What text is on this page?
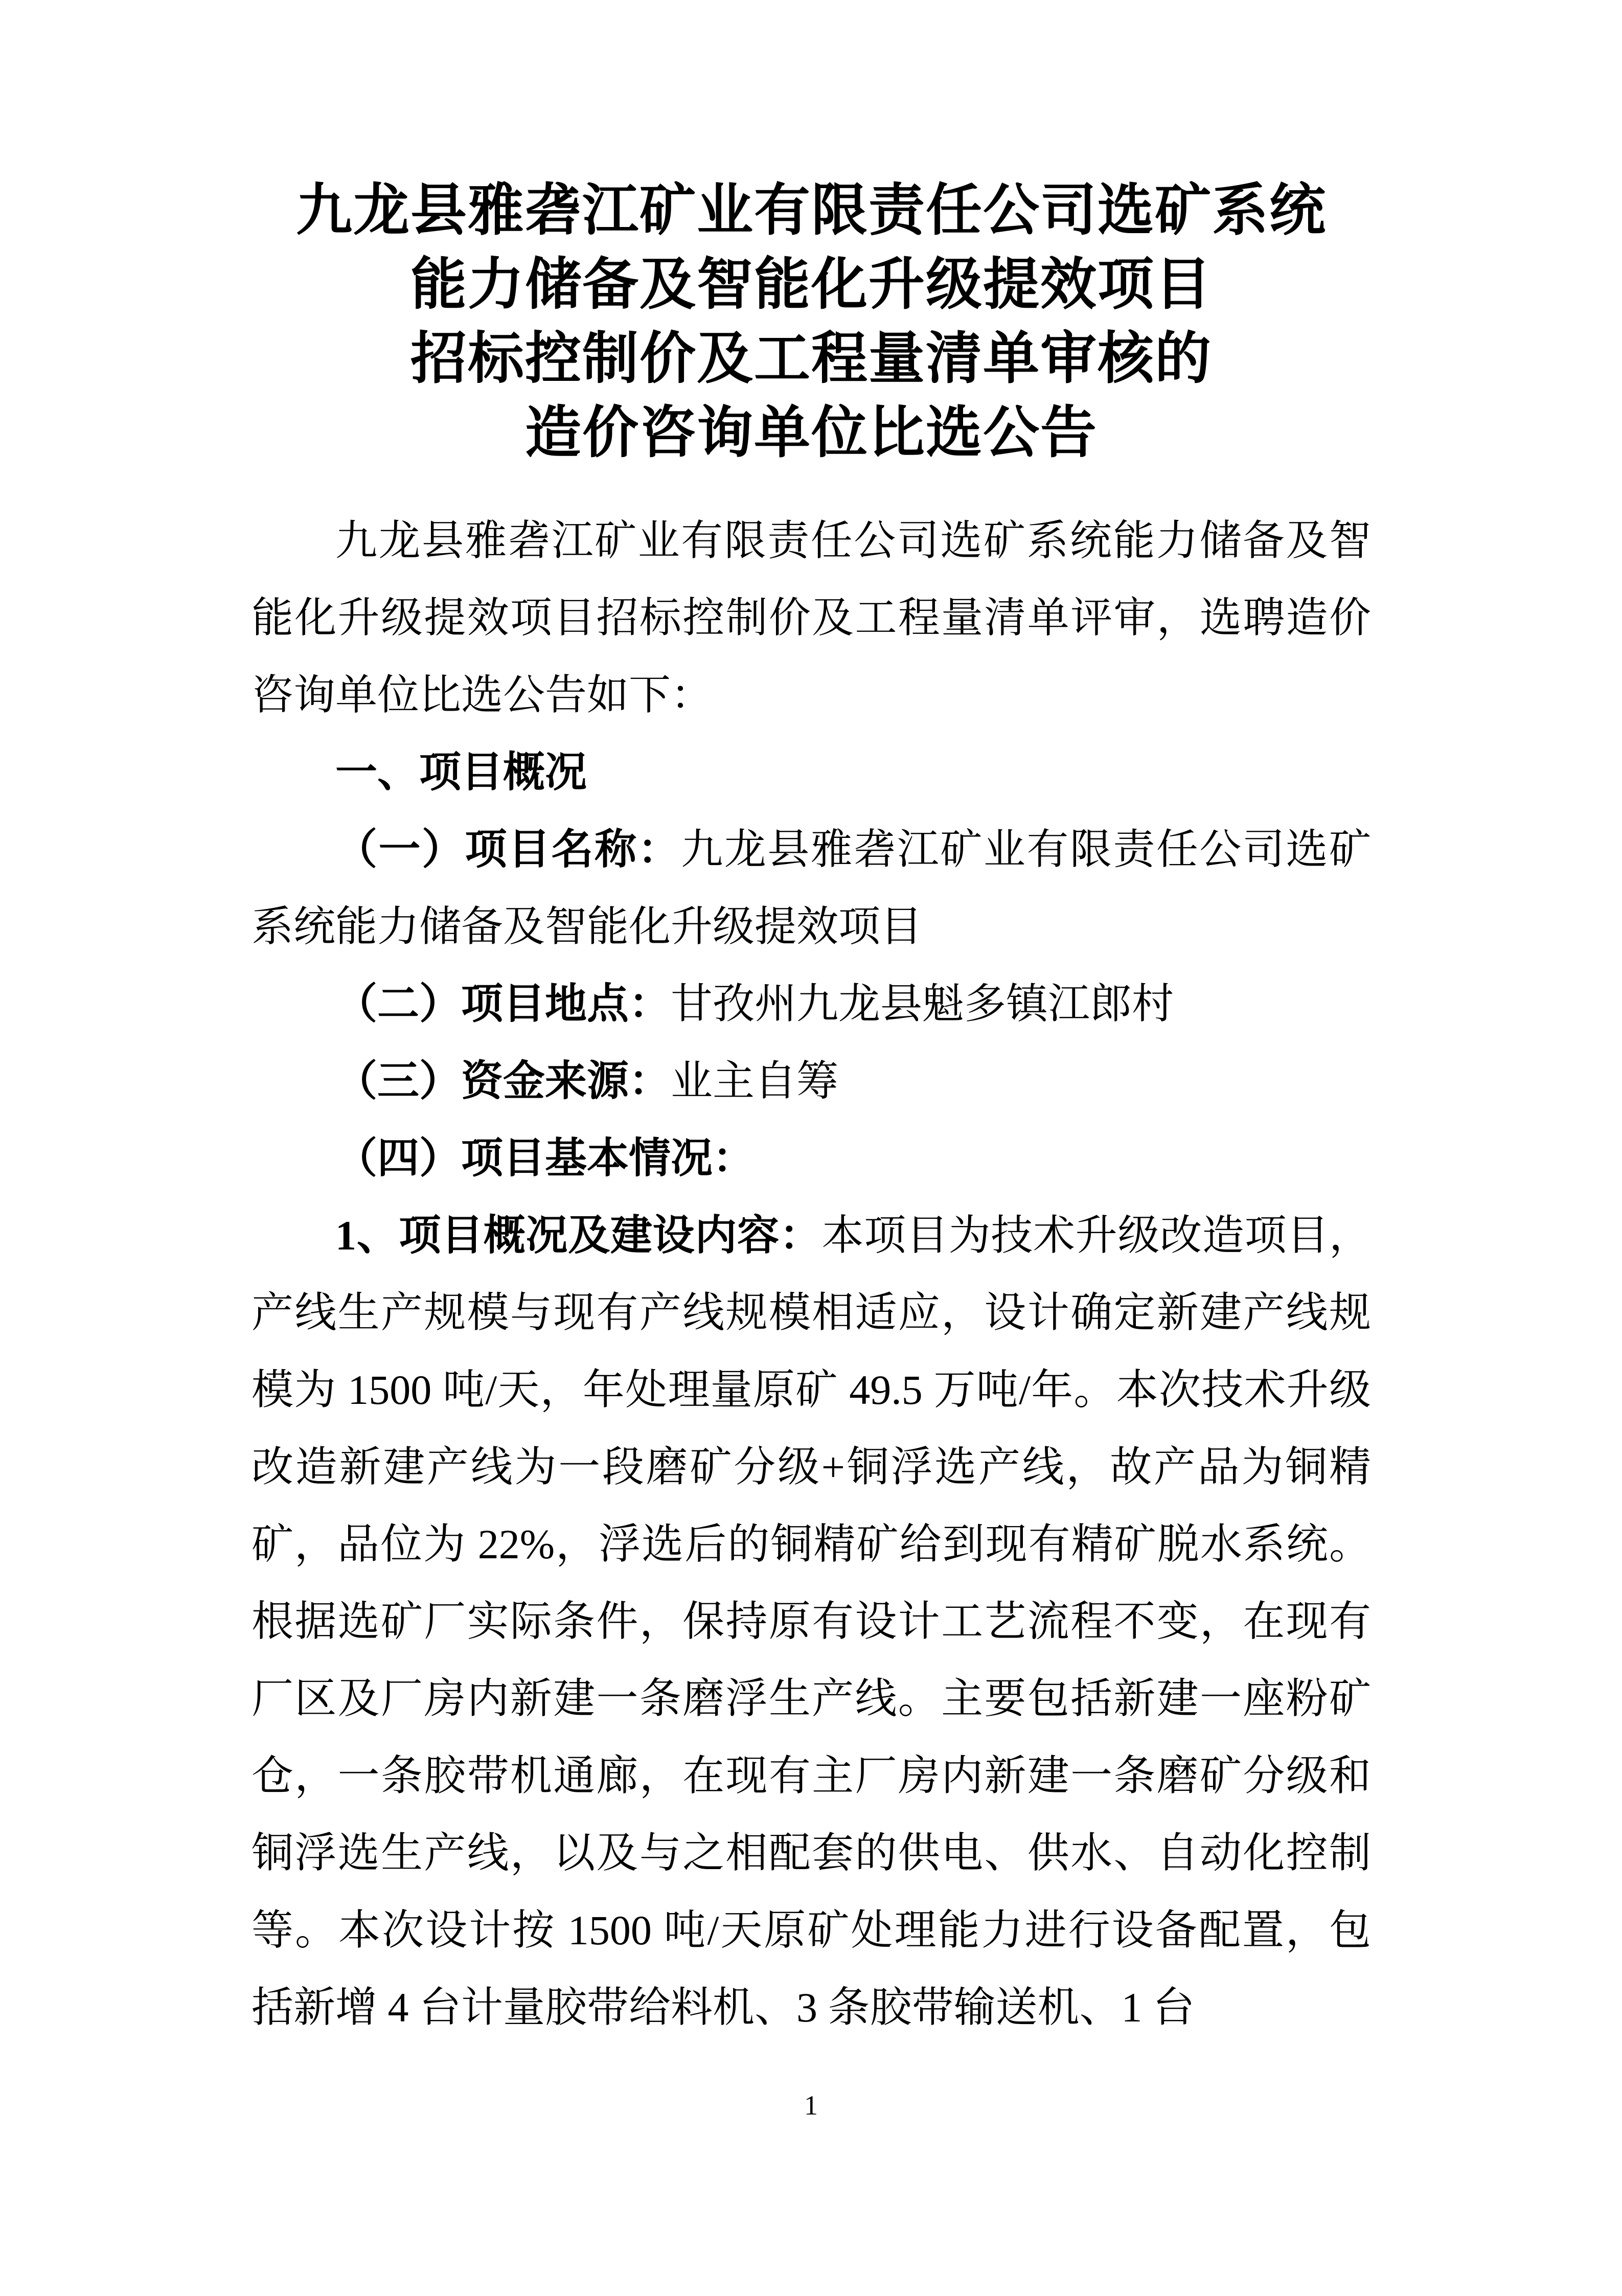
九龙县雅砻江矿业有限责任公司选矿系统
能力储备及智能化升级提效项目
招标控制价及工程量清单审核的
造价咨询单位比选公告

九龙县雅砻江矿业有限责任公司选矿系统能力储备及智能化升级提效项目招标控制价及工程量清单评审，选聘造价咨询单位比选公告如下：

一、项目概况

（一）项目名称：九龙县雅砻江矿业有限责任公司选矿系统能力储备及智能化升级提效项目

（二）项目地点：甘孜州九龙县魁多镇江郎村

（三）资金来源：业主自筹

（四）项目基本情况：

1、项目概况及建设内容：本项目为技术升级改造项目，产线生产规模与现有产线规模相适应，设计确定新建产线规模为 1500 吨/天，年处理量原矿 49.5 万吨/年。本次技术升级改造新建产线为一段磨矿分级+铜浮选产线，故产品为铜精矿，品位为 22%，浮选后的铜精矿给到现有精矿脱水系统。根据选矿厂实际条件，保持原有设计工艺流程不变，在现有厂区及厂房内新建一条磨浮生产线。主要包括新建一座粉矿仓，一条胶带机通廊，在现有主厂房内新建一条磨矿分级和铜浮选生产线，以及与之相配套的供电、供水、自动化控制等。本次设计按 1500 吨/天原矿处理能力进行设备配置，包括新增 4 台计量胶带给料机、3 条胶带输送机、1 台

1
